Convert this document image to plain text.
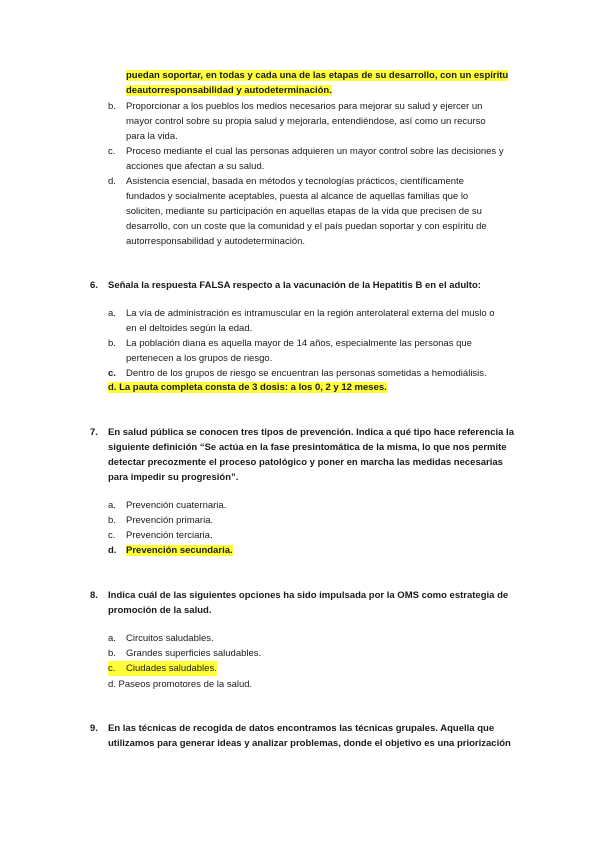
puedan soportar, en todas y cada una de las etapas de su desarrollo, con un espíritu
deautorresponsabilidad y autodeterminación.
b.	Proporcionar a los pueblos los medios necesarios para mejorar su salud y ejercer un
mayor control sobre su propia salud y mejorarla, entendiéndose, así como un recurso
para la vida.
c.	Proceso mediante el cual las personas adquieren un mayor control sobre las decisiones y
acciones que afectan a su salud.
d.	Asistencia esencial, basada en métodos y tecnologías prácticos, científicamente
fundados y socialmente aceptables, puesta al alcance de aquellas familias que lo
soliciten, mediante su participación en aquellas etapas de la vida que precisen de su
desarrollo, con un coste que la comunidad y el país puedan soportar y con espíritu de
autorresponsabilidad y autodeterminación.
6.	Señala la respuesta FALSA respecto a la vacunación de la Hepatitis B en el adulto:
a.	La vía de administración es intramuscular en la región anterolateral externa del muslo o
en el deltoides según la edad.
b.	La población diana es aquella mayor de 14 años, especialmente las personas que
pertenecen a los grupos de riesgo.
c.	Dentro de los grupos de riesgo se encuentran las personas sometidas a hemodiálisis.
d. La pauta completa consta de 3 dosis: a los 0, 2 y 12 meses.
7.	En salud pública se conocen tres tipos de prevención. Indica a qué tipo hace referencia la
siguiente definición “Se actúa en la fase presintomática de la misma, lo que nos permite
detectar precozmente el proceso patológico y poner en marcha las medidas necesarias
para impedir su progresión”.
a.	Prevención cuaternaria.
b.	Prevención primaria.
c.	Prevención terciaria.
d.	Prevención secundaria.
8.	Indica cuál de las siguientes opciones ha sido impulsada por la OMS como estrategia de
promoción de la salud.
a.	Circuitos saludables.
b.	Grandes superficies saludables.
c. Ciudades saludables.
d. Paseos promotores de la salud.
9.	En las técnicas de recogida de datos encontramos las técnicas grupales. Aquella que
utilizamos para generar ideas y analizar problemas, donde el objetivo es una priorización
